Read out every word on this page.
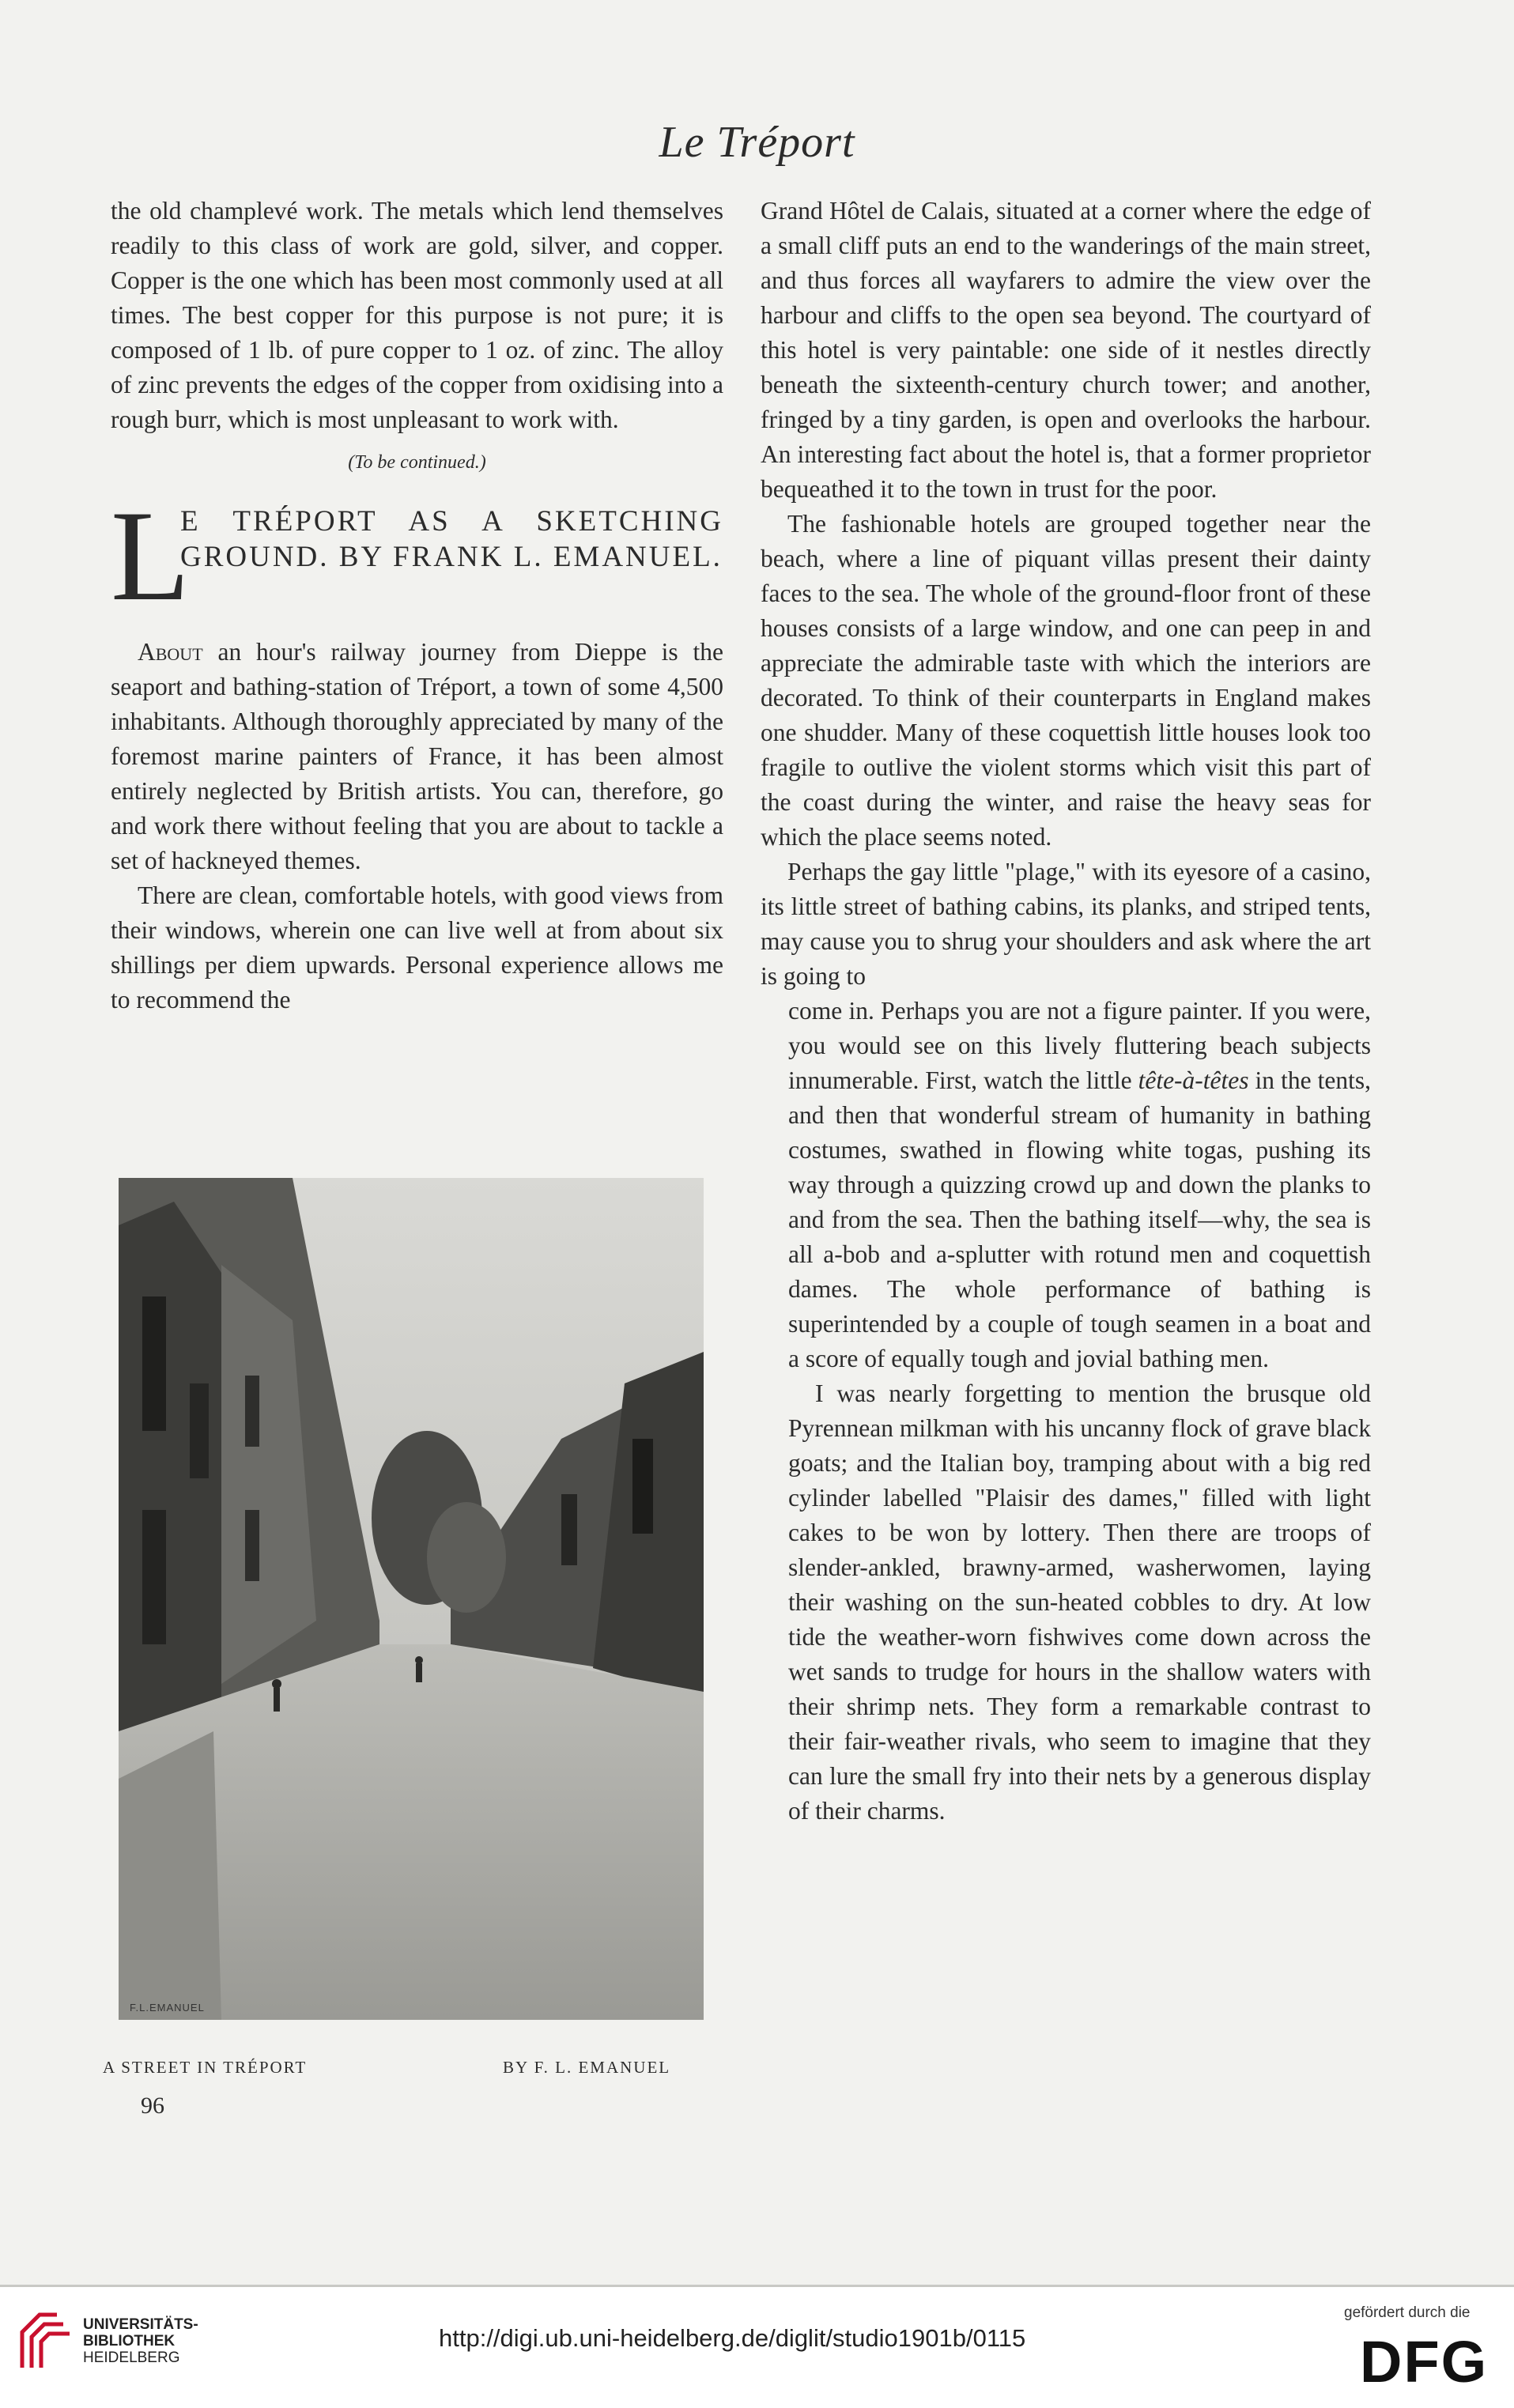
Le Tréport

the old champlevé work. The metals which lend themselves readily to this class of work are gold, silver, and copper. Copper is the one which has been most commonly used at all times. The best copper for this purpose is not pure; it is composed of 1 lb. of pure copper to 1 oz. of zinc. The alloy of zinc prevents the edges of the copper from oxidising into a rough burr, which is most unpleasant to work with.

(To be continued.)

L
E TRÉPORT AS A SKETCHING GROUND. BY FRANK L. EMANUEL.

About an hour's railway journey from Dieppe is the seaport and bathing-station of Tréport, a town of some 4,500 inhabitants. Although thoroughly appreciated by many of the foremost marine painters of France, it has been almost entirely neglected by British artists. You can, therefore, go and work there without feeling that you are about to tackle a set of hackneyed themes.

There are clean, comfortable hotels, with good views from their windows, wherein one can live well at from about six shillings per diem upwards. Personal experience allows me to recommend the

F.L.EMANUEL
A STREET IN TRÉPORT	BY F. L. EMANUEL
96

Grand Hôtel de Calais, situated at a corner where the edge of a small cliff puts an end to the wanderings of the main street, and thus forces all wayfarers to admire the view over the harbour and cliffs to the open sea beyond. The courtyard of this hotel is very paintable: one side of it nestles directly beneath the sixteenth-century church tower; and another, fringed by a tiny garden, is open and overlooks the harbour. An interesting fact about the hotel is, that a former proprietor bequeathed it to the town in trust for the poor.

The fashionable hotels are grouped together near the beach, where a line of piquant villas present their dainty faces to the sea. The whole of the ground-floor front of these houses consists of a large window, and one can peep in and appreciate the admirable taste with which the interiors are decorated. To think of their counterparts in England makes one shudder. Many of these coquettish little houses look too fragile to outlive the violent storms which visit this part of the coast during the winter, and raise the heavy seas for which the place seems noted.

Perhaps the gay little "plage," with its eyesore of a casino, its little street of bathing cabins, its planks, and striped tents, may cause you to shrug your shoulders and ask where the art is going to

come in. Perhaps you are not a figure painter. If you were, you would see on this lively fluttering beach subjects innumerable. First, watch the little tête-à-têtes in the tents, and then that wonderful stream of humanity in bathing costumes, swathed in flowing white togas, pushing its way through a quizzing crowd up and down the planks to and from the sea. Then the bathing itself—why, the sea is all a-bob and a-splutter with rotund men and coquettish dames. The whole performance of bathing is superintended by a couple of tough seamen in a boat and a score of equally tough and jovial bathing men.

I was nearly forgetting to mention the brusque old Pyrennean milkman with his uncanny flock of grave black goats; and the Italian boy, tramping about with a big red cylinder labelled "Plaisir des dames," filled with light cakes to be won by lottery. Then there are troops of slender-ankled, brawny-armed, washerwomen, laying their washing on the sun-heated cobbles to dry. At low tide the weather-worn fishwives come down across the wet sands to trudge for hours in the shallow waters with their shrimp nets. They form a remarkable contrast to their fair-weather rivals, who seem to imagine that they can lure the small fry into their nets by a generous display of their charms.

UNIVERSITÄTS-
BIBLIOTHEK
HEIDELBERG
http://digi.ub.uni-heidelberg.de/diglit/studio1901b/0115
gefördert durch die
DFG
